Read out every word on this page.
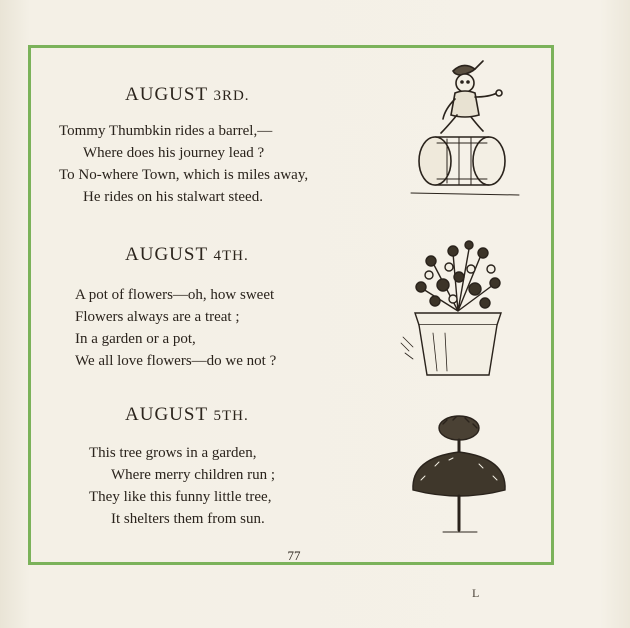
AUGUST 3RD.
Tommy Thumbkin rides a barrel,—
Where does his journey lead ?
To No-where Town, which is miles away,
He rides on his stalwart steed.
AUGUST 4TH.
A pot of flowers—oh, how sweet
Flowers always are a treat ;
In a garden or a pot,
We all love flowers—do we not ?
AUGUST 5TH.
This tree grows in a garden,
Where merry children run ;
They like this funny little tree,
It shelters them from sun.
77
L
